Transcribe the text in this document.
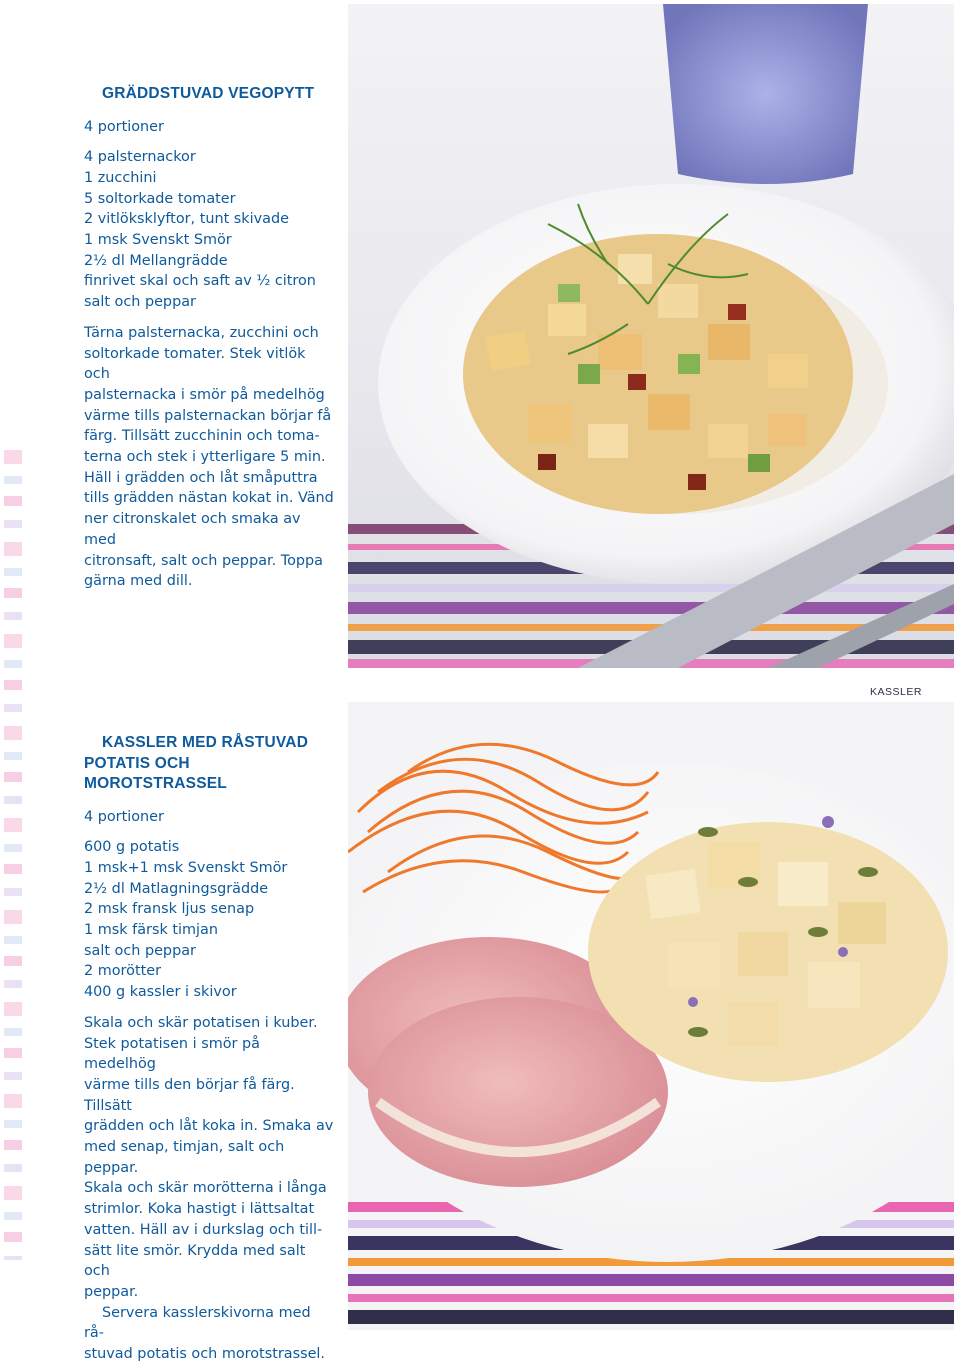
KASSLER
GRÄDDSTUVAD VEGOPYTT
4 portioner
4 palsternackor
1 zucchini
5 soltorkade tomater
2 vitlöksklyftor, tunt skivade
1 msk Svenskt Smör
2½ dl Mellangrädde
finrivet skal och saft av ½ citron
salt och peppar
Tärna palsternacka, zucchini och
soltorkade tomater. Stek vitlök och
palsternacka i smör på medelhög
värme tills palsternackan börjar få
färg. Tillsätt zucchinin och toma-
terna och stek i ytterligare 5 min.
Häll i grädden och låt småputtra
tills grädden nästan kokat in. Vänd
ner citronskalet och smaka av med
citronsaft, salt och peppar. Toppa
gärna med dill.
KASSLER MED RÅSTUVAD
POTATIS OCH MOROTSTRASSEL
4 portioner
600 g potatis
1 msk+1 msk Svenskt Smör
2½ dl Matlagningsgrädde
2 msk fransk ljus senap
1 msk färsk timjan
salt och peppar
2 morötter
400 g kassler i skivor
Skala och skär potatisen i kuber.
Stek potatisen i smör på medelhög
värme tills den börjar få färg. Tillsätt
grädden och låt koka in. Smaka av
med senap, timjan, salt och peppar.
Skala och skär morötterna i långa
strimlor. Koka hastigt i lättsaltat
vatten. Häll av i durkslag och till-
sätt lite smör. Krydda med salt och
peppar.
Servera kasslerskivorna med rå-
stuvad potatis och morotstrassel.
